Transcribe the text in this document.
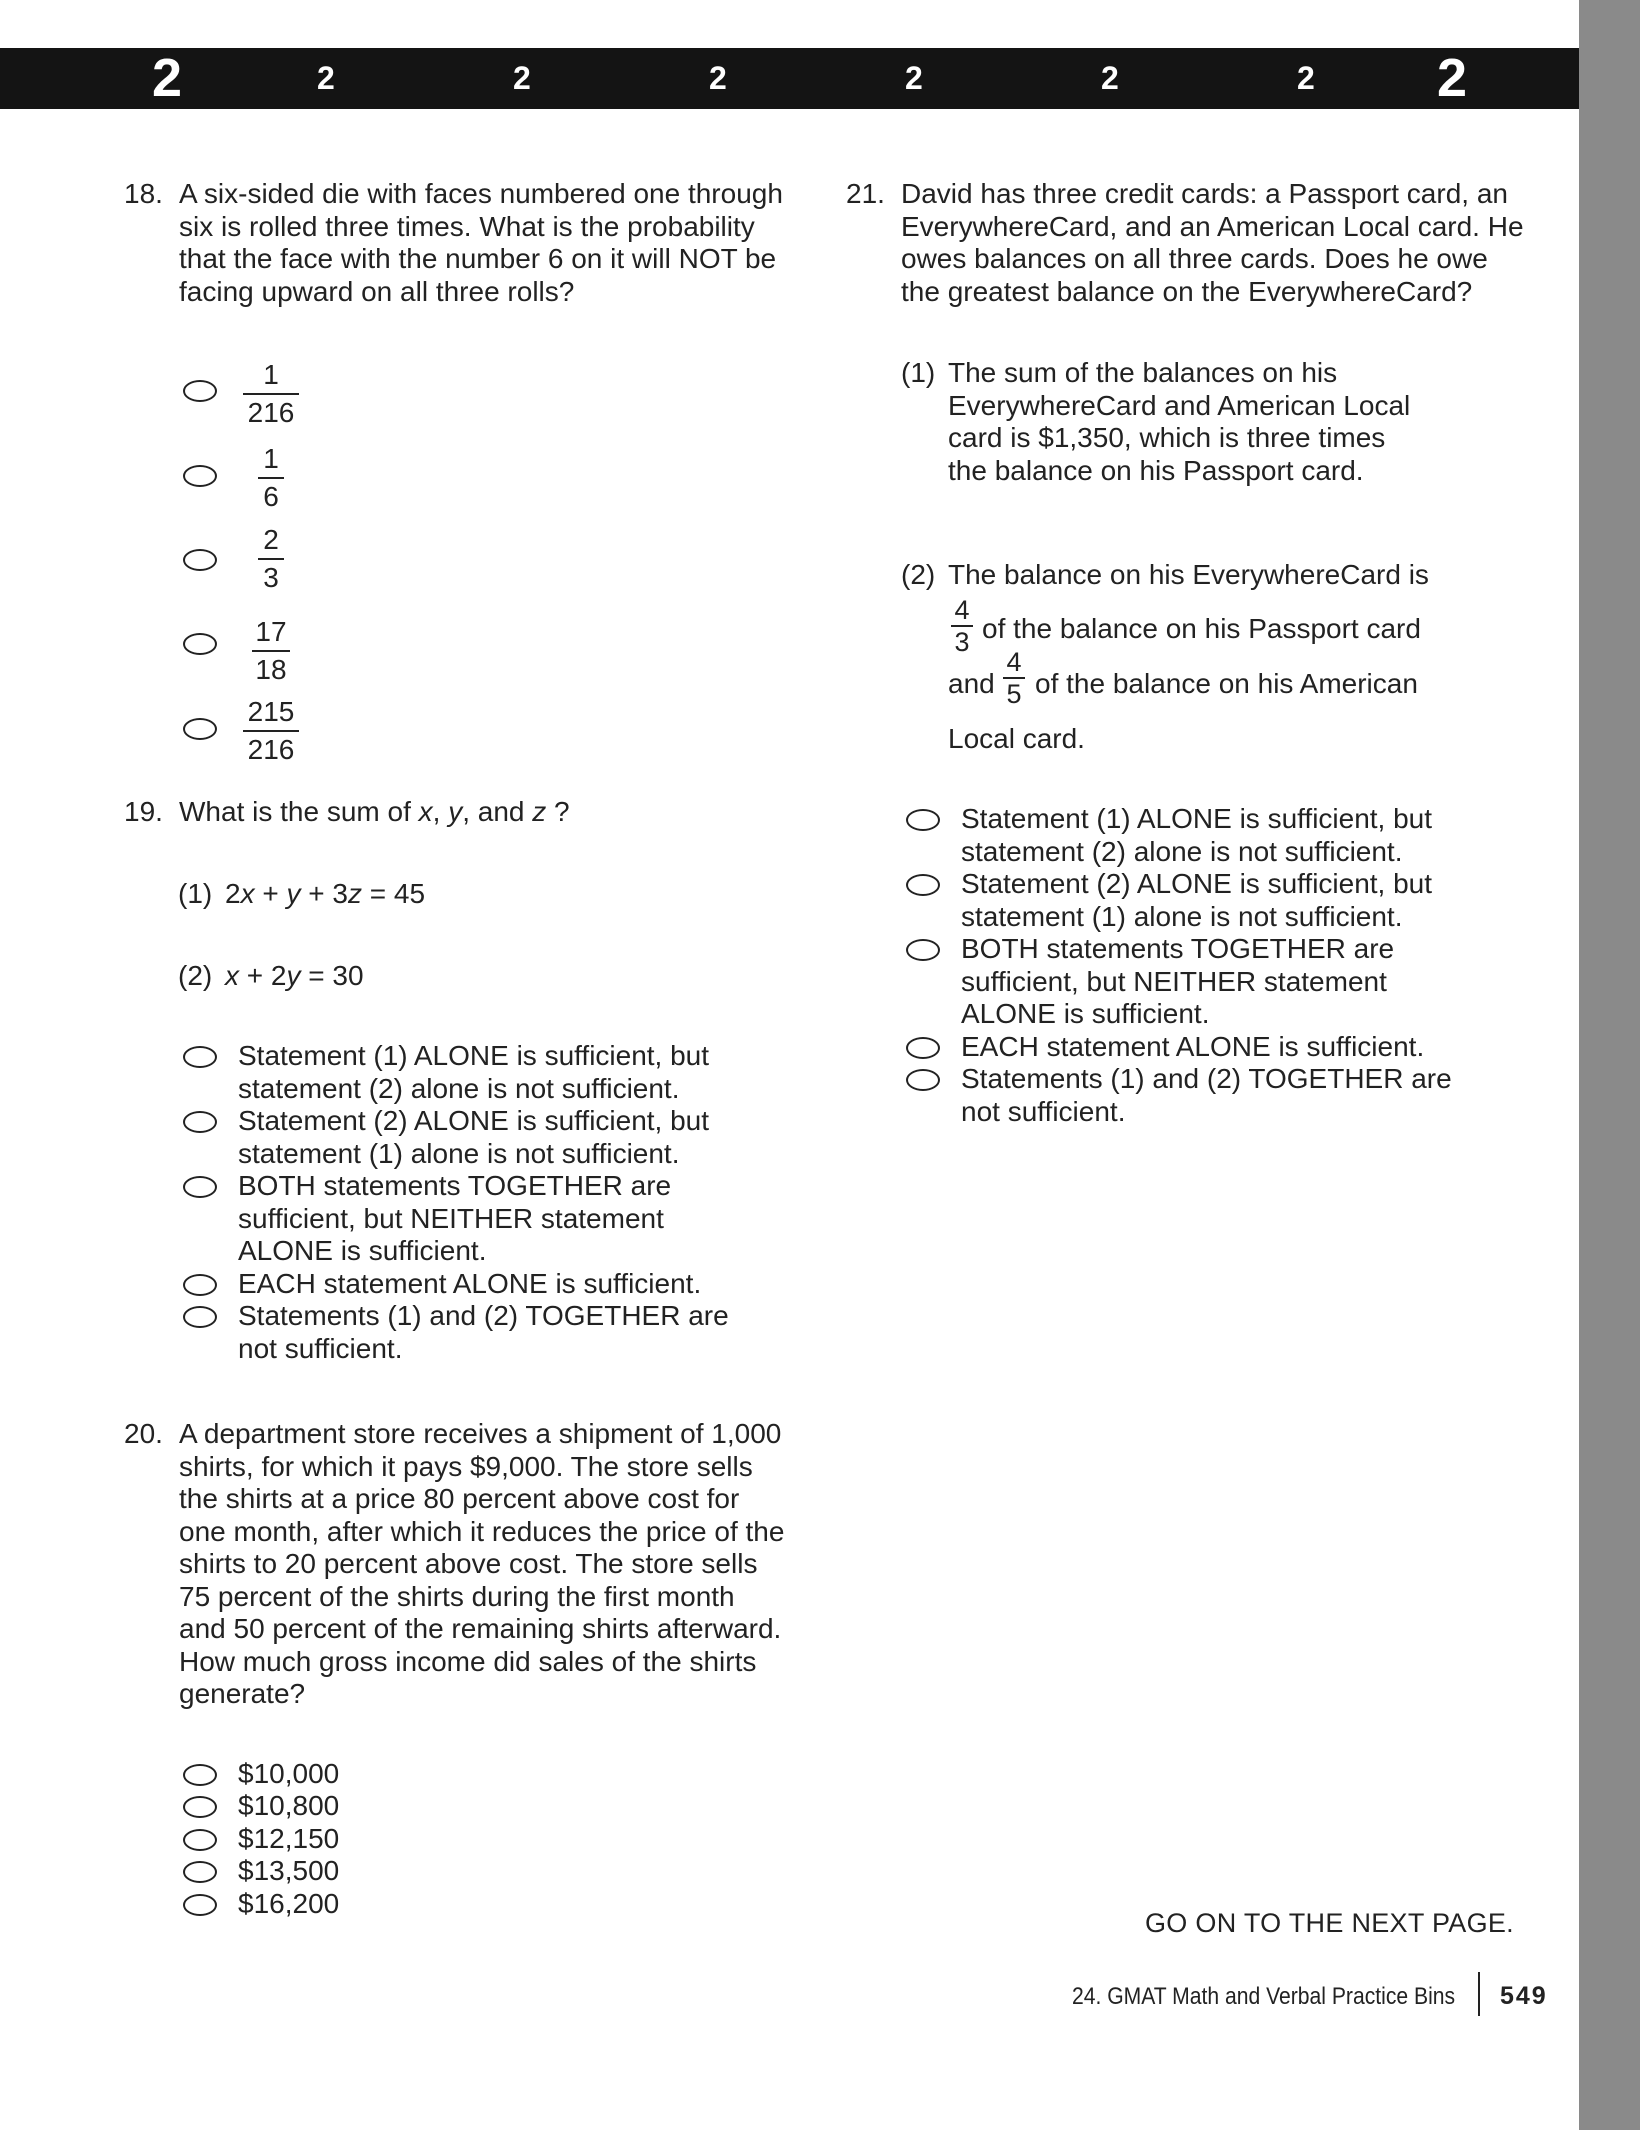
2	2	2	2	2	2	2 2
18. A six-sided die with faces numbered one through
six is rolled three times. What is the probability
that the face with the number 6 on it will NOT be
facing upward on all three rolls?
1
216
1
6
2
3
17
18
215
216
19. What is the sum of x, y, and z ?
(1) 2x + y + 3z = 45
(2) x + 2y = 30
Statement (1) ALONE is sufficient, but
statement (2) alone is not sufficient.
Statement (2) ALONE is sufficient, but
statement (1) alone is not sufficient.
BOTH statements TOGETHER are
sufficient, but NEITHER statement
ALONE is sufficient.
EACH statement ALONE is sufficient.
Statements (1) and (2) TOGETHER are
not sufficient.
20. A department store receives a shipment of 1,000
shirts, for which it pays $9,000. The store sells
the shirts at a price 80 percent above cost for
one month, after which it reduces the price of the
shirts to 20 percent above cost. The store sells
75 percent of the shirts during the first month
and 50 percent of the remaining shirts afterward.
How much gross income did sales of the shirts
generate?
$10,000
$10,800
$12,150
$13,500
$16,200
21. David has three credit cards: a Passport card, an
EverywhereCard, and an American Local card. He
owes balances on all three cards. Does he owe
the greatest balance on the EverywhereCard?
(1) The sum of the balances on his
EverywhereCard and American Local
card is $1,350, which is three times
the balance on his Passport card.
(2) The balance on his EverywhereCard is
4
3 of the balance on his Passport card
and
4
5 of the balance on his American
Local card.
Statement (1) ALONE is sufficient, but
statement (2) alone is not sufficient.
Statement (2) ALONE is sufficient, but
statement (1) alone is not sufficient.
BOTH statements TOGETHER are
sufficient, but NEITHER statement
ALONE is sufficient.
EACH statement ALONE is sufficient.
Statements (1) and (2) TOGETHER are
not sufficient.
GO ON TO THE NEXT PAGE.
24. GMAT Math and Verbal Practice Bins 549
